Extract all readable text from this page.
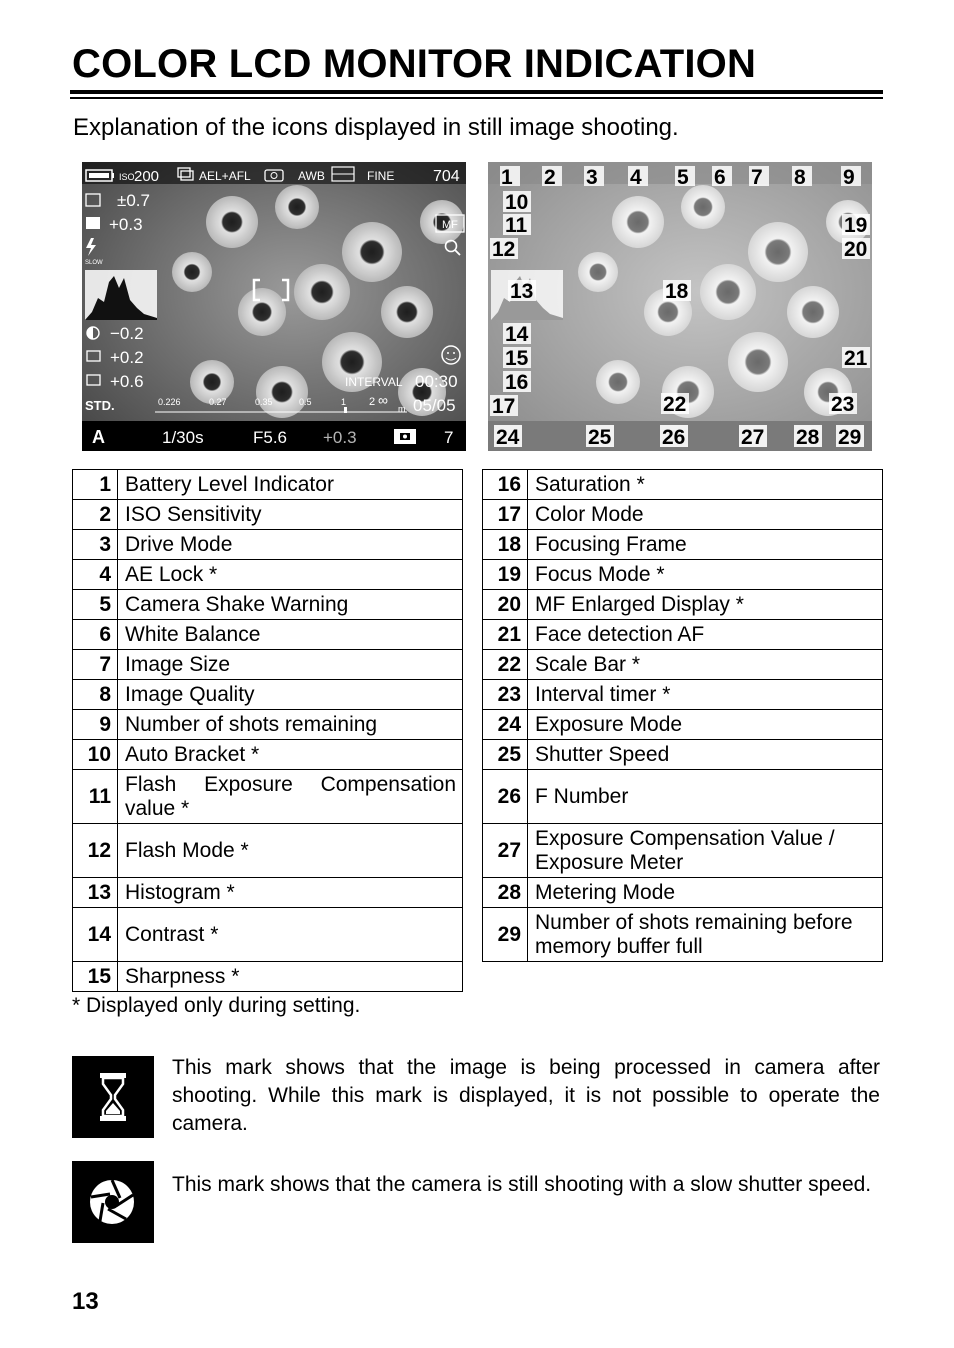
COLOR LCD MONITOR INDICATION
Explanation of the icons displayed in still image shooting.
ISO 200	AEL+AFL	AWB	FINE 704
±0.7
+0.3
SLOW
MF
−0.2
+0.2
+0.6	INTERVAL 00:30
STD.	0.226	0.27	0.35	0.5	1 2 ∞
m 05/05
A	1/30s	F5.6 +0.3	7
1 2 3 4 5 6 7 8 9
10
11
12
13	18
19
20
14
15
16
21
17	22	23
24	25 26	27 28 29
1	Battery Level Indicator
2	ISO Sensitivity
3	Drive Mode
4	AE Lock *
5	Camera Shake Warning
6	White Balance
7	Image Size
8	Image Quality
9	Number of shots remaining
10	Auto Bracket *
11	Flash Exposure Compensation value *
12	Flash Mode *
13	Histogram *
14	Contrast *
15	Sharpness *
16	Saturation *
17	Color Mode
18	Focusing Frame
19	Focus Mode *
20	MF Enlarged Display *
21	Face detection AF
22	Scale Bar *
23	Interval timer *
24	Exposure Mode
25	Shutter Speed
26	F Number
27	Exposure Compensation Value / Exposure Meter
28	Metering Mode
29	Number of shots remaining before memory buffer full
* Displayed only during setting.
This mark shows that the image is being processed in camera after shooting. While this mark is displayed, it is not possible to operate the camera.
This mark shows that the camera is still shooting with a slow shutter speed.
13
